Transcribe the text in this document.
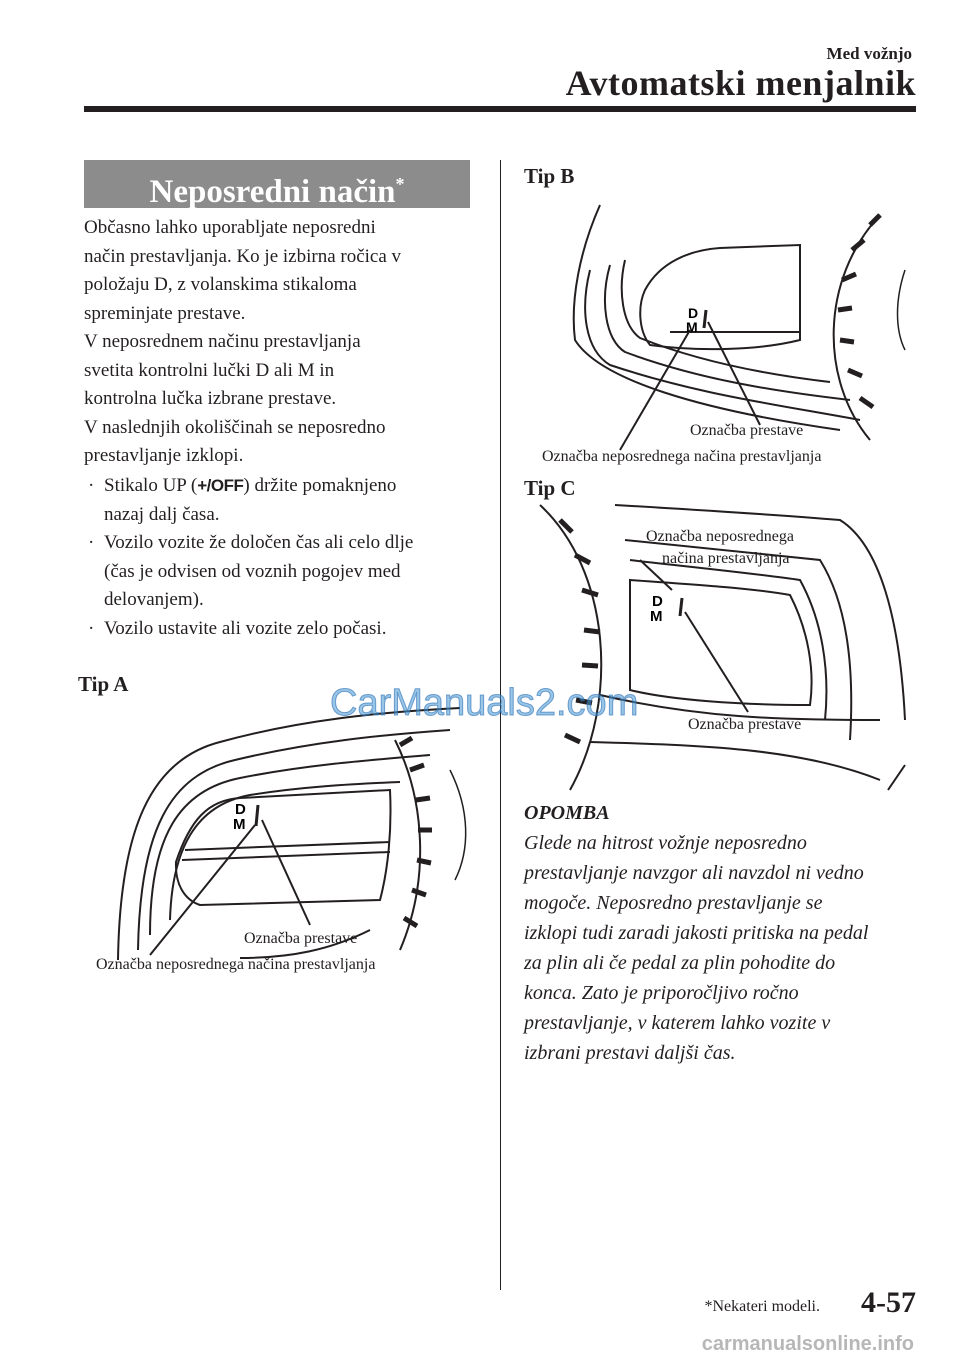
Med vožnjo
Avtomatski menjalnik
Neposredni način*
Občasno lahko uporabljate neposredni
način prestavljanja. Ko je izbirna ročica v
položaju D, z volanskima stikaloma
spreminjate prestave.
V neposrednem načinu prestavljanja
svetita kontrolni lučki D ali M in
kontrolna lučka izbrane prestave.
V naslednjih okoliščinah se neposredno
prestavljanje izklopi.
· Stikalo UP (+/OFF) držite pomaknjeno
nazaj dalj časa.
· Vozilo vozite že določen čas ali celo dlje
(čas je odvisen od voznih pogojev med
delovanjem).
· Vozilo ustavite ali vozite zelo počasi.
Tip A
D
M
Označba prestave
Označba neposrednega načina prestavljanja
Tip B
D
M
Označba prestave
Označba neposrednega načina prestavljanja
Tip C
D
M
Označba neposrednega
načina prestavljanja
Označba prestave
OPOMBA
Glede na hitrost vožnje neposredno
prestavljanje navzgor ali navzdol ni vedno
mogoče. Neposredno prestavljanje se
izklopi tudi zaradi jakosti pritiska na pedal
za plin ali če pedal za plin pohodite do
konca. Zato je priporočljivo ročno
prestavljanje, v katerem lahko vozite v
izbrani prestavi daljši čas.
*Nekateri modeli. 4-57
CarManuals2.com
carmanualsonline.info
